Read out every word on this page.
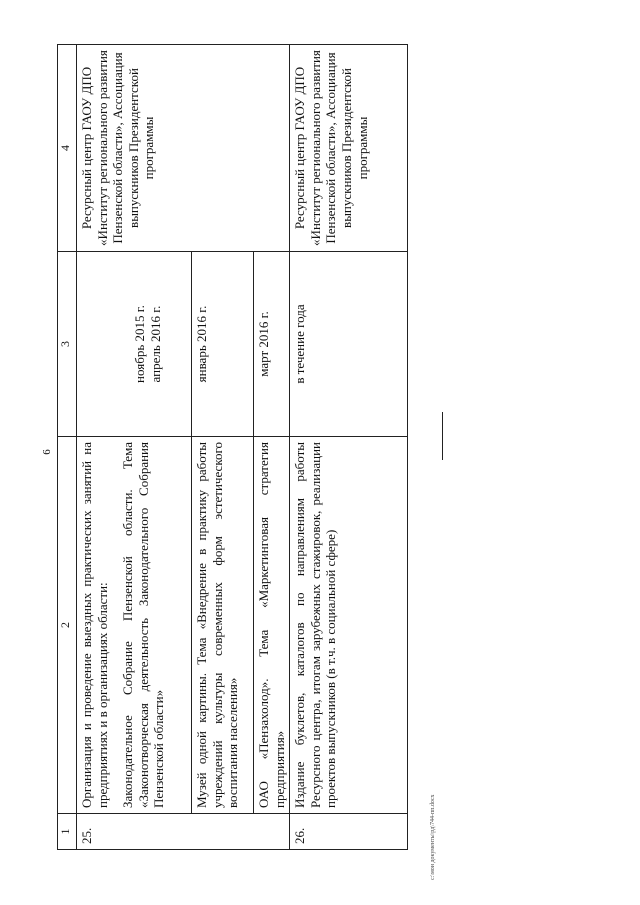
6
1	2	3	4
25.	Организация и проведение выездных практических занятий на предприятиях и в организациях области: Законодательное Собрание Пензенской области. Тема «Законотворческая деятельность Законодательного Собрания Пензенской области»	ноябрь 2015 г. апрель 2016 г.	Ресурсный центр ГАОУ ДПО «Институт регионального развития Пензенской области», Ассоциация выпускников Президентской программы
	Музей одной картины. Тема «Внедрение в практику работы учреждений культуры современных форм эстетического воспитания населения»	январь 2016 г.	
	ОАО «Пензахолод». Тема «Маркетинговая стратегия предприятия»	март 2016 г.	
26.	Издание буклетов, каталогов по направлениям работы Ресурсного центра, итогам зарубежных стажировок, реализации проектов выпускников (в т.ч. в социальной сфере)	в течение года	Ресурсный центр ГАОУ ДПО «Институт регионального развития Пензенской области», Ассоциация выпускников Президентской программы
c:\мои документы\рд\744-пп.docx
